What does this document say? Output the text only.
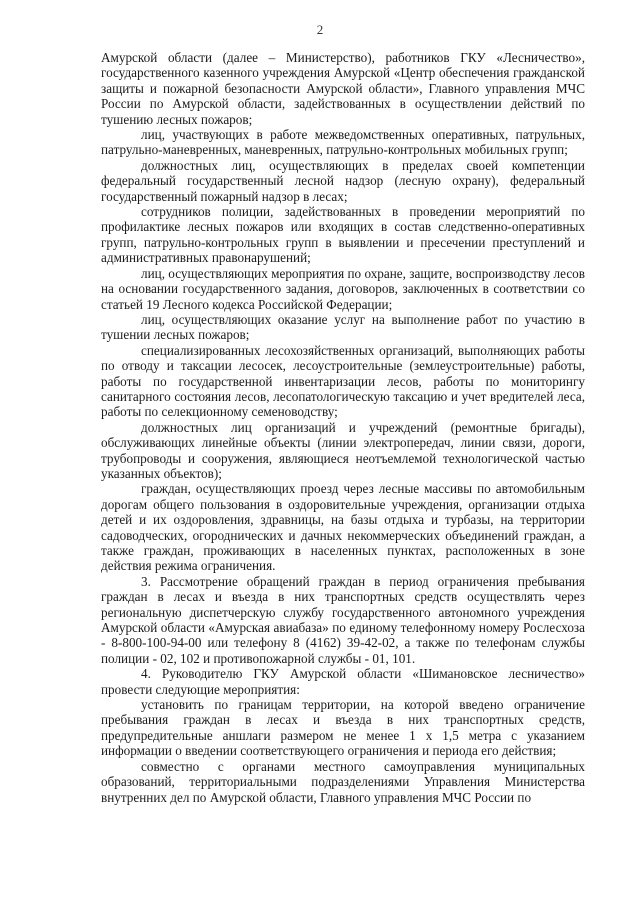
2

Амурской области (далее – Министерство), работников ГКУ «Лесничество», государственного казенного учреждения Амурской «Центр обеспечения гражданской защиты и пожарной безопасности Амурской области», Главного управления МЧС России по Амурской области, задействованных в осуществлении действий по тушению лесных пожаров;

лиц, участвующих в работе межведомственных оперативных, патрульных, патрульно-маневренных, маневренных, патрульно-контрольных мобильных групп;

должностных лиц, осуществляющих в пределах своей компетенции федеральный государственный лесной надзор (лесную охрану), федеральный государственный пожарный надзор в лесах;

сотрудников полиции, задействованных в проведении мероприятий по профилактике лесных пожаров или входящих в состав следственно-оперативных групп, патрульно-контрольных групп в выявлении и пресечении преступлений и административных правонарушений;

лиц, осуществляющих мероприятия по охране, защите, воспроизводству лесов на основании государственного задания, договоров, заключенных в соответствии со статьей 19 Лесного кодекса Российской Федерации;

лиц, осуществляющих оказание услуг на выполнение работ по участию в тушении лесных пожаров;

специализированных лесохозяйственных организаций, выполняющих работы по отводу и таксации лесосек, лесоустроительные (землеустроительные) работы, работы по государственной инвентаризации лесов, работы по мониторингу санитарного состояния лесов, лесопатологическую таксацию и учет вредителей леса, работы по селекционному семеноводству;

должностных лиц организаций и учреждений (ремонтные бригады), обслуживающих линейные объекты (линии электропередач, линии связи, дороги, трубопроводы и сооружения, являющиеся неотъемлемой технологической частью указанных объектов);

граждан, осуществляющих проезд через лесные массивы по автомобильным дорогам общего пользования в оздоровительные учреждения, организации отдыха детей и их оздоровления, здравницы, на базы отдыха и турбазы, на территории садоводческих, огороднических и дачных некоммерческих объединений граждан, а также граждан, проживающих в населенных пунктах, расположенных в зоне действия режима ограничения.

3. Рассмотрение обращений граждан в период ограничения пребывания граждан в лесах и въезда в них транспортных средств осуществлять через региональную диспетчерскую службу государственного автономного учреждения Амурской области «Амурская авиабаза» по единому телефонному номеру Рослесхоза - 8-800-100-94-00 или телефону 8 (4162) 39-42-02, а также по телефонам службы полиции - 02, 102 и противопожарной службы - 01, 101.

4. Руководителю ГКУ Амурской области «Шимановское лесничество» провести следующие мероприятия:

установить по границам территории, на которой введено ограничение пребывания граждан в лесах и въезда в них транспортных средств, предупредительные аншлаги размером не менее 1 х 1,5 метра с указанием информации о введении соответствующего ограничения и периода его действия;

совместно с органами местного самоуправления муниципальных образований, территориальными подразделениями Управления Министерства внутренних дел по Амурской области, Главного управления МЧС России по
